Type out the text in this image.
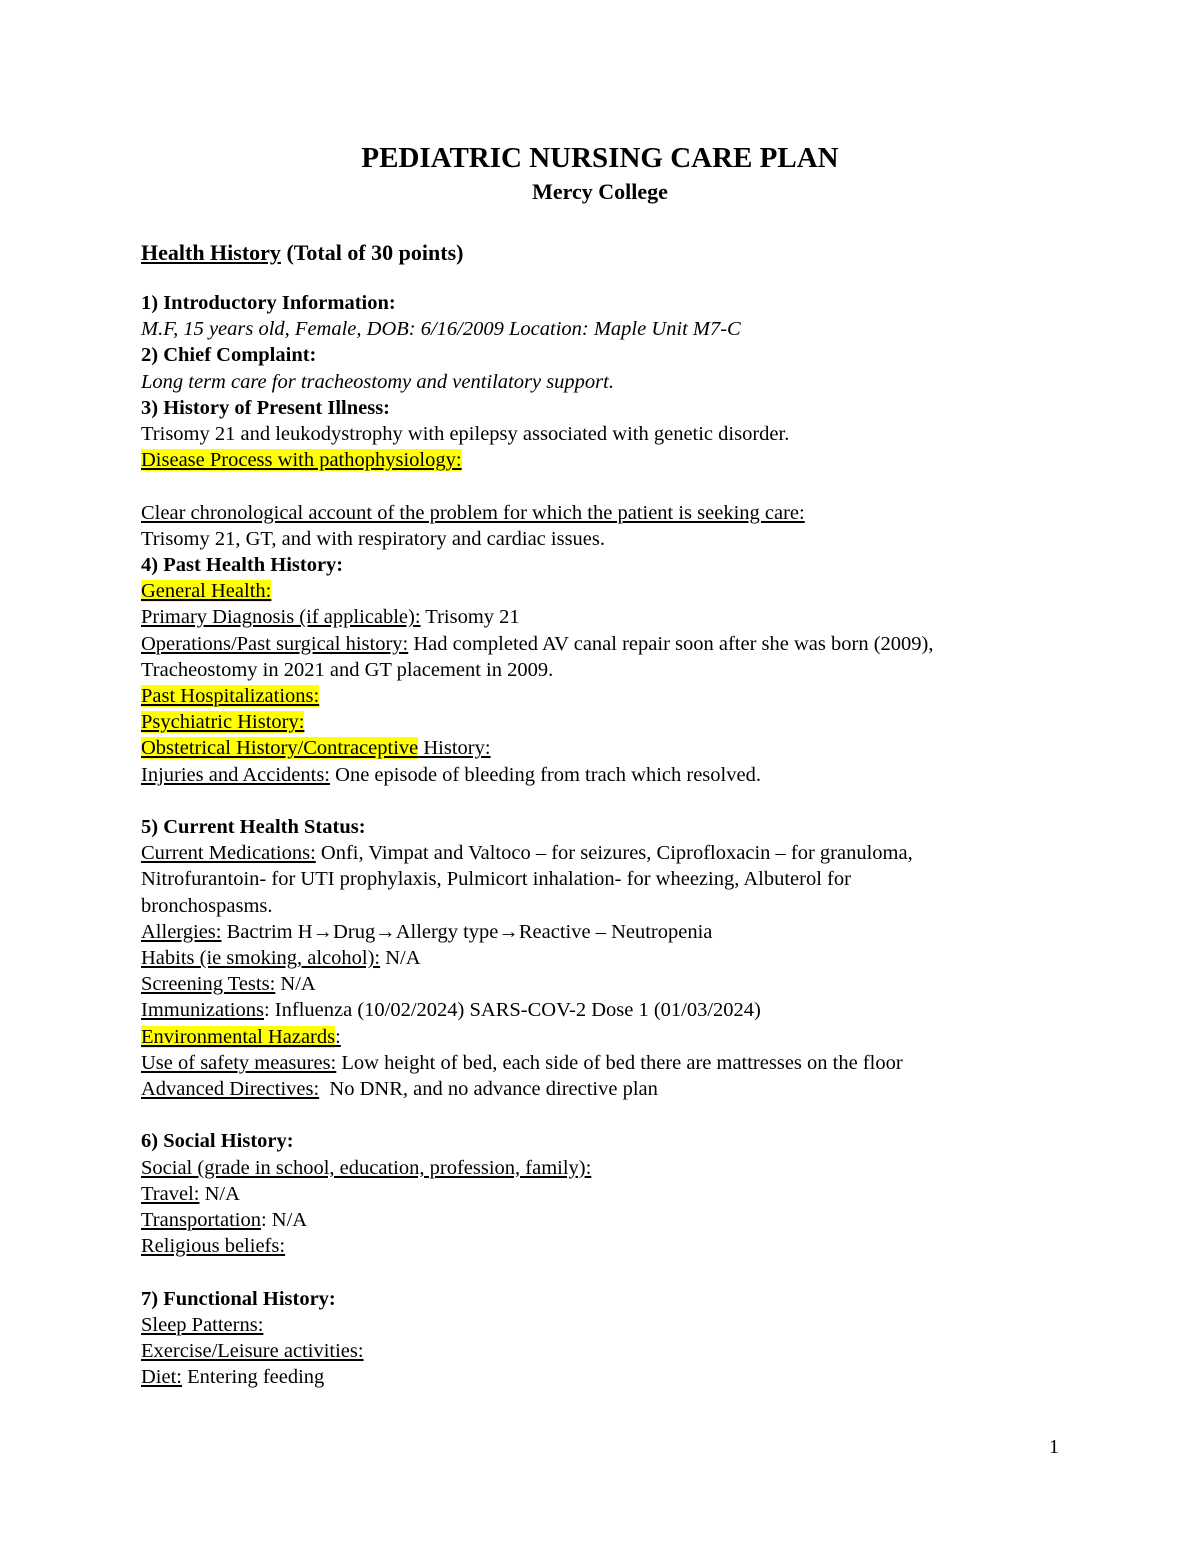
PEDIATRIC NURSING CARE PLAN
Mercy College
Health History (Total of 30 points)
1) Introductory Information:
M.F, 15 years old, Female, DOB: 6/16/2009 Location: Maple Unit M7-C
2) Chief Complaint:
Long term care for tracheostomy and ventilatory support.
3) History of Present Illness:
Trisomy 21 and leukodystrophy with epilepsy associated with genetic disorder.
Disease Process with pathophysiology:
Clear chronological account of the problem for which the patient is seeking care:
Trisomy 21, GT, and with respiratory and cardiac issues.
4) Past Health History:
General Health:
Primary Diagnosis (if applicable): Trisomy 21
Operations/Past surgical history: Had completed AV canal repair soon after she was born (2009),
Tracheostomy in 2021 and GT placement in 2009.
Past Hospitalizations:
Psychiatric History:
Obstetrical History/Contraceptive History:
Injuries and Accidents: One episode of bleeding from trach which resolved.
5) Current Health Status:
Current Medications: Onfi, Vimpat and Valtoco – for seizures, Ciprofloxacin – for granuloma,
Nitrofurantoin- for UTI prophylaxis, Pulmicort inhalation- for wheezing, Albuterol for
bronchospasms.
Allergies: Bactrim H→Drug→Allergy type→Reactive – Neutropenia
Habits (ie smoking, alcohol): N/A
Screening Tests: N/A
Immunizations: Influenza (10/02/2024) SARS-COV-2 Dose 1 (01/03/2024)
Environmental Hazards:
Use of safety measures: Low height of bed, each side of bed there are mattresses on the floor
Advanced Directives:  No DNR, and no advance directive plan
6) Social History:
Social (grade in school, education, profession, family):
Travel: N/A
Transportation: N/A
Religious beliefs:
7) Functional History:
Sleep Patterns:
Exercise/Leisure activities:
Diet: Entering feeding
1
